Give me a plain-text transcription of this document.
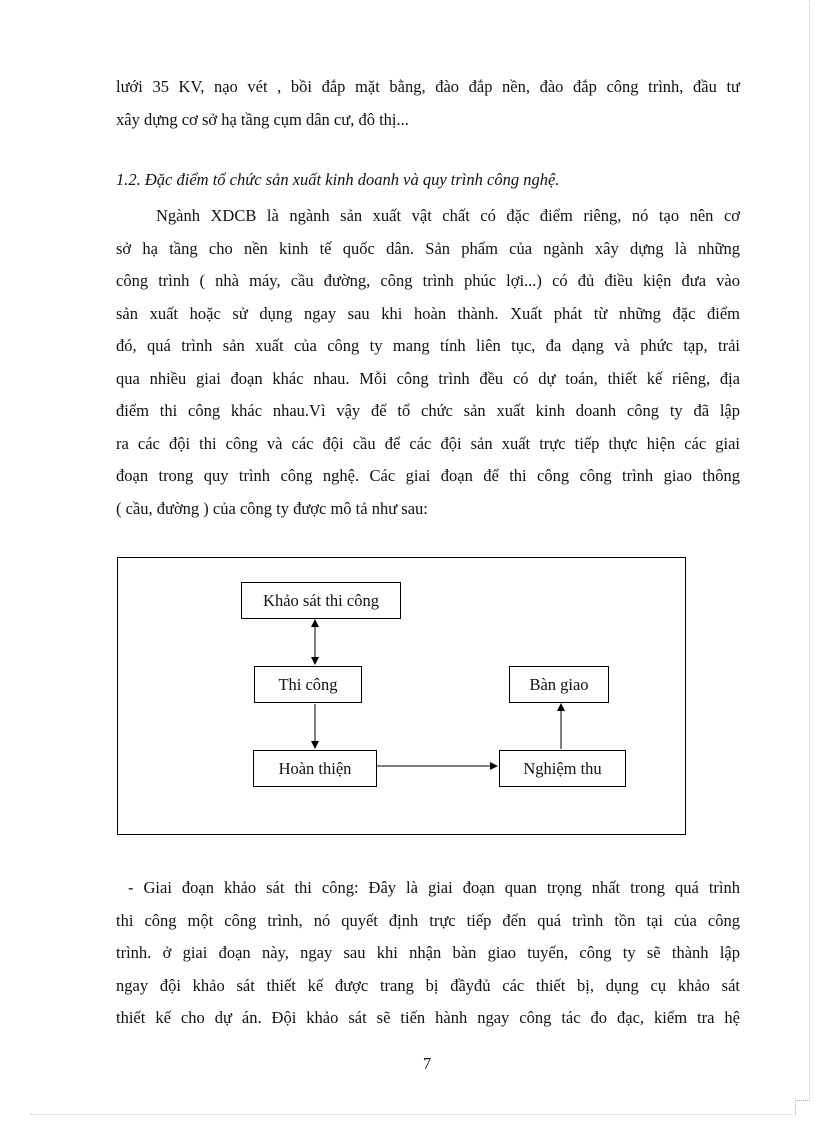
lưới 35 KV, nạo vét , bồi đắp mặt bằng, đào đắp nền, đào đắp công trình, đầu tư
xây dựng cơ sở hạ tầng cụm dân cư, đô thị...
1.2. Đặc điểm tổ chức sản xuất kinh doanh và quy trình công nghệ.
Ngành XDCB là ngành sản xuất vật chất có đặc điểm riêng, nó tạo nên cơ
sở hạ tầng cho nền kinh tế quốc dân. Sản phẩm của ngành xây dựng là những
công trình ( nhà máy, cầu đường, công trình phúc lợi...) có đủ điều kiện đưa vào
sản xuất hoặc sử dụng ngay sau khi hoàn thành. Xuất phát từ những đặc điểm
đó, quá trình sản xuất của công ty mang tính liên tục, đa dạng và phức tạp, trải
qua nhiều giai đoạn khác nhau. Mỗi công trình đều có dự toán, thiết kế riêng, địa
điểm thi công khác nhau.Vì vậy để tổ chức sản xuất kinh doanh công ty đã lập
ra các đội thi công và các đội cầu để các đội sản xuất trực tiếp thực hiện các giai
đoạn trong quy trình công nghệ. Các giai đoạn để thi công công trình giao thông
( cầu, đường ) của công ty được mô tả như sau:
Khảo sát thi công
Thi công
Hoàn thiện	Nghiệm thu
Bàn giao
- Giai đoạn khảo sát thi công: Đây là giai đoạn quan trọng nhất trong quá trình
thi công một công trình, nó quyết định trực tiếp đến quá trình tồn tại của công
trình. ở giai đoạn này, ngay sau khi nhận bàn giao tuyến, công ty sẽ thành lập
ngay đội khảo sát thiết kế được trang bị đầyđủ các thiết bị, dụng cụ khảo sát
thiết kế cho dự án. Đội khảo sát sẽ tiến hành ngay công tác đo đạc, kiểm tra hệ
7
